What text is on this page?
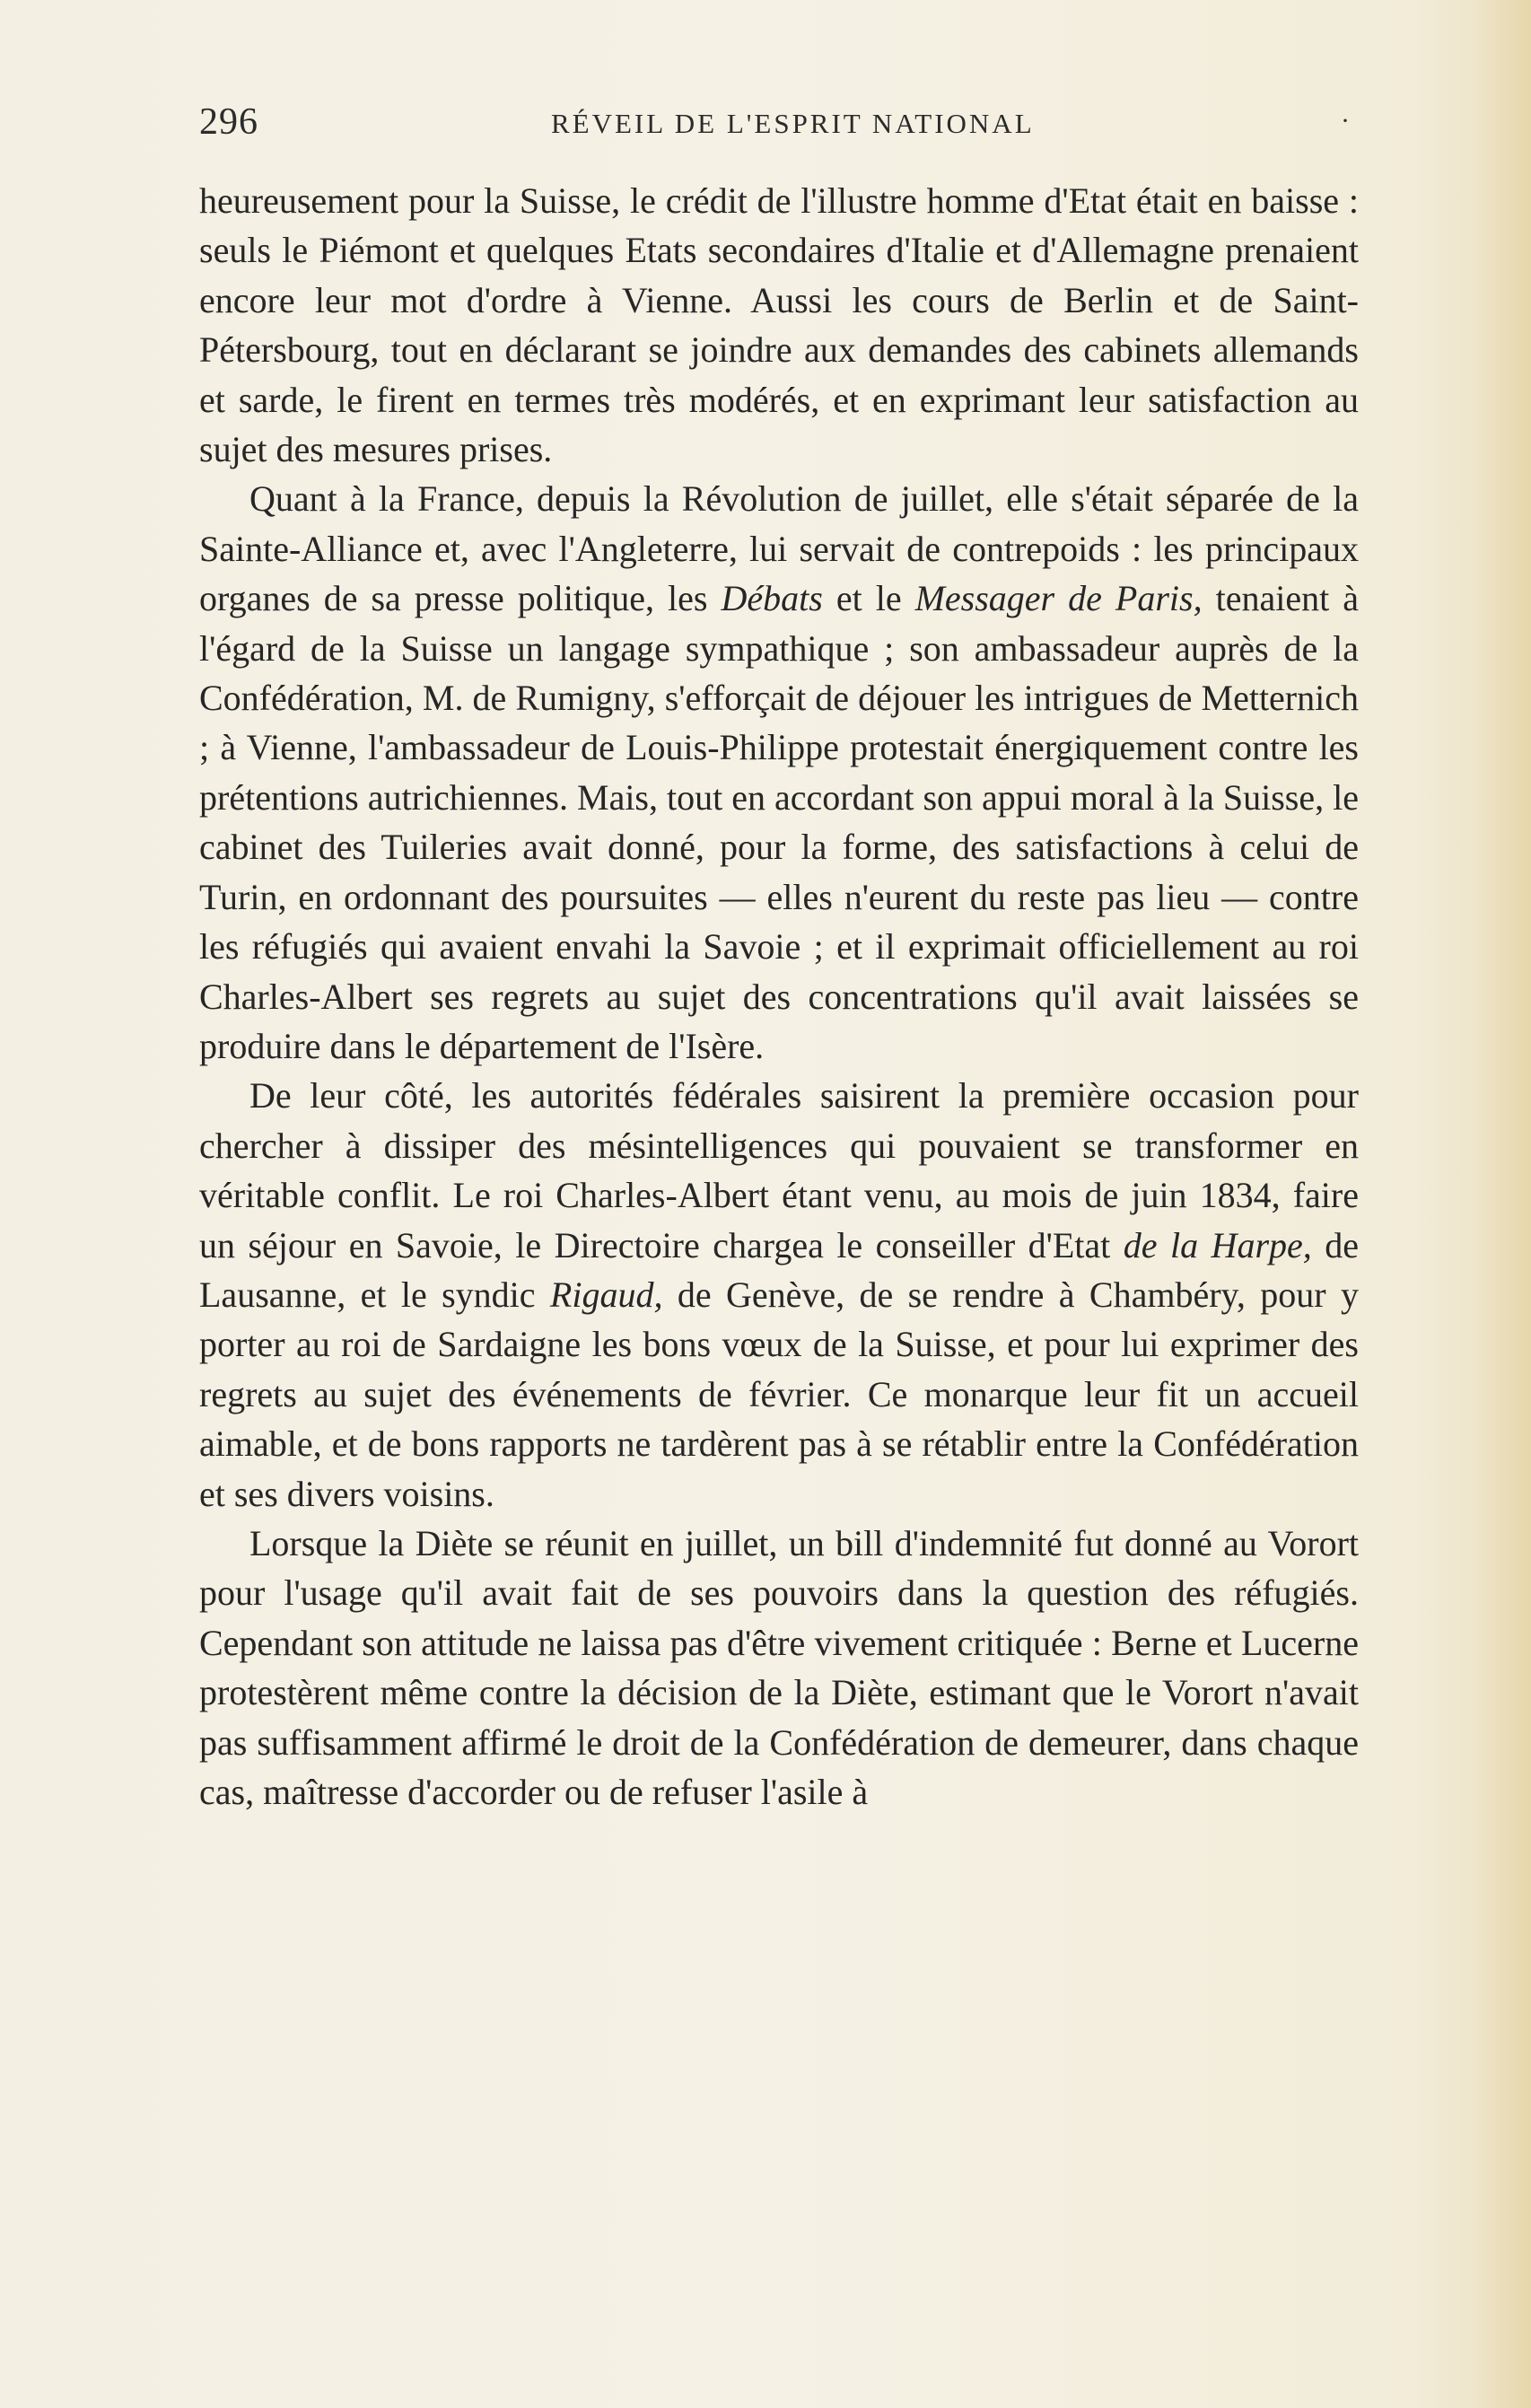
296	RÉVEIL DE L'ESPRIT NATIONAL	·

heureusement pour la Suisse, le crédit de l'illustre homme d'Etat était en baisse : seuls le Piémont et quelques Etats secondaires d'Italie et d'Allemagne prenaient encore leur mot d'ordre à Vienne. Aussi les cours de Berlin et de Saint-Pétersbourg, tout en déclarant se joindre aux demandes des cabinets allemands et sarde, le firent en termes très modérés, et en exprimant leur satisfaction au sujet des mesures prises.

Quant à la France, depuis la Révolution de juillet, elle s'était séparée de la Sainte-Alliance et, avec l'Angleterre, lui servait de contrepoids : les principaux organes de sa presse politique, les Débats et le Messager de Paris, tenaient à l'égard de la Suisse un langage sympathique ; son ambassadeur auprès de la Confédération, M. de Rumigny, s'efforçait de déjouer les intrigues de Metternich ; à Vienne, l'ambassadeur de Louis-Philippe protestait énergiquement contre les prétentions autrichiennes. Mais, tout en accordant son appui moral à la Suisse, le cabinet des Tuileries avait donné, pour la forme, des satisfactions à celui de Turin, en ordonnant des poursuites — elles n'eurent du reste pas lieu — contre les réfugiés qui avaient envahi la Savoie ; et il exprimait officiellement au roi Charles-Albert ses regrets au sujet des concentrations qu'il avait laissées se produire dans le département de l'Isère.

De leur côté, les autorités fédérales saisirent la première occasion pour chercher à dissiper des mésintelligences qui pouvaient se transformer en véritable conflit. Le roi Charles-Albert étant venu, au mois de juin 1834, faire un séjour en Savoie, le Directoire chargea le conseiller d'Etat de la Harpe, de Lausanne, et le syndic Rigaud, de Genève, de se rendre à Chambéry, pour y porter au roi de Sardaigne les bons vœux de la Suisse, et pour lui exprimer des regrets au sujet des événements de février. Ce monarque leur fit un accueil aimable, et de bons rapports ne tardèrent pas à se rétablir entre la Confédération et ses divers voisins.

Lorsque la Diète se réunit en juillet, un bill d'indemnité fut donné au Vorort pour l'usage qu'il avait fait de ses pouvoirs dans la question des réfugiés. Cependant son attitude ne laissa pas d'être vivement critiquée : Berne et Lucerne protestèrent même contre la décision de la Diète, estimant que le Vorort n'avait pas suffisamment affirmé le droit de la Confédération de demeurer, dans chaque cas, maîtresse d'accorder ou de refuser l'asile à
